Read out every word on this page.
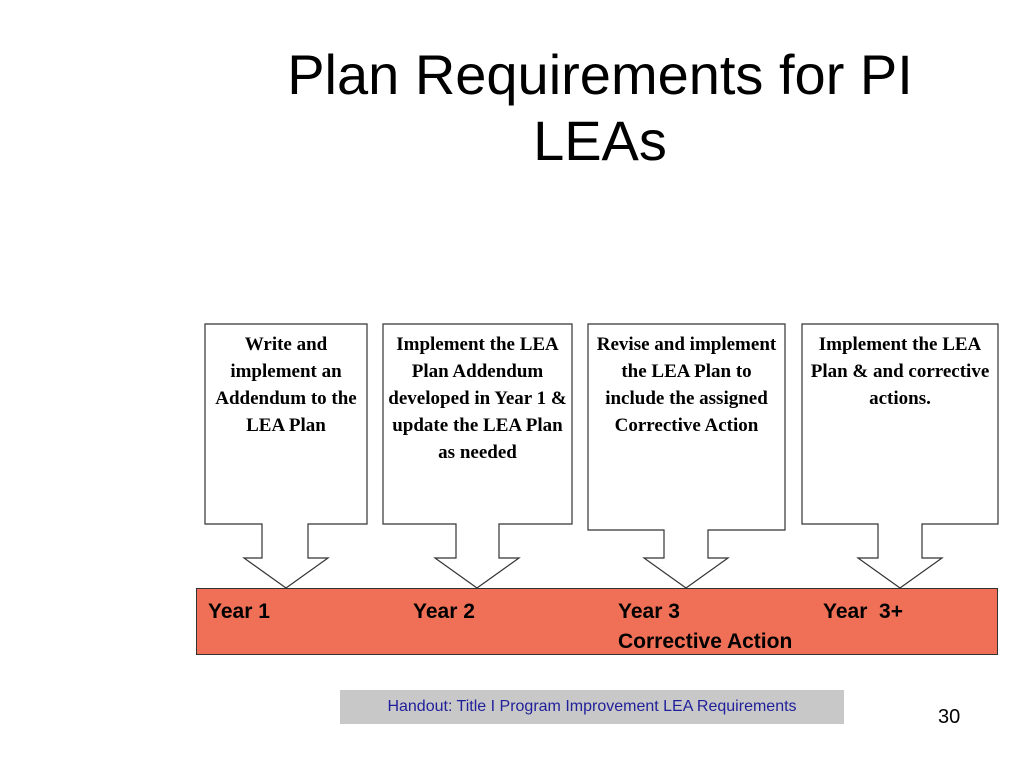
Plan Requirements for PI
LEAs
Write and implement an Addendum to the LEA Plan
Implement the LEA Plan Addendum developed in Year 1 & update the LEA Plan as needed
Revise and implement the LEA Plan to include the assigned Corrective Action
Implement the LEA Plan & and corrective actions.
Year 1	Year 2	Year 3
Corrective Action
Year  3+
Handout: Title I Program Improvement LEA Requirements	30
